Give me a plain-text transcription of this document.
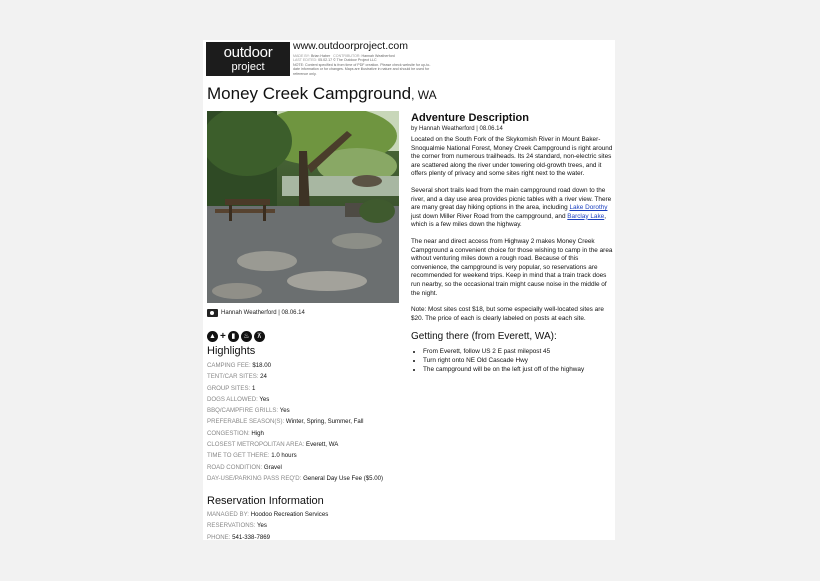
outdoor
project
www.outdoorproject.com
MADE BY: Brian Haber CONTRIBUTOR: Hannah Weatherford
LAST EDITED: 05.02.17 © The Outdoor Project LLC
NOTE: Content specified is from time of PDF creation. Please check website for up-to-date information or for changes. Maps are illustrative in nature and should be used for reference only.
Money Creek Campground, WA
Hannah Weatherford | 08.06.14
▲ + ▮	♨	⊼
Highlights
CAMPING FEE: $18.00
TENT/CAR SITES: 24
GROUP SITES: 1
DOGS ALLOWED: Yes
BBQ/CAMPFIRE GRILLS: Yes
PREFERABLE SEASON(S): Winter, Spring, Summer, Fall
CONGESTION: High
CLOSEST METROPOLITAN AREA: Everett, WA
TIME TO GET THERE: 1.0 hours
ROAD CONDITION: Gravel
DAY-USE/PARKING PASS REQ'D: General Day Use Fee ($5.00)
Reservation Information
MANAGED BY: Hoodoo Recreation Services
RESERVATIONS: Yes
PHONE: 541-338-7869
Adventure Description

by Hannah Weatherford | 08.06.14

Located on the South Fork of the Skykomish River in Mount Baker-Snoqualmie National Forest, Money Creek Campground is right around the corner from numerous trailheads. Its 24 standard, non-electric sites are scattered along the river under towering old-growth trees, and it offers plenty of privacy and some sites right next to the water.

Several short trails lead from the main campground road down to the river, and a day use area provides picnic tables with a river view. There are many great day hiking options in the area, including Lake Dorothy just down Miller River Road from the campground, and Barclay Lake, which is a few miles down the highway.

The near and direct access from Highway 2 makes Money Creek Campground a convenient choice for those wishing to camp in the area without venturing miles down a rough road. Because of this convenience, the campground is very popular, so reservations are recommended for weekend trips. Keep in mind that a train track does run nearby, so the occasional train might cause noise in the middle of the night.

Note: Most sites cost $18, but some especially well-located sites are $20. The price of each is clearly labeled on posts at each site.

Getting there (from Everett, WA):
• From Everett, follow US 2 E past milepost 45
• Turn right onto NE Old Cascade Hwy
• The campground will be on the left just off of the highway
